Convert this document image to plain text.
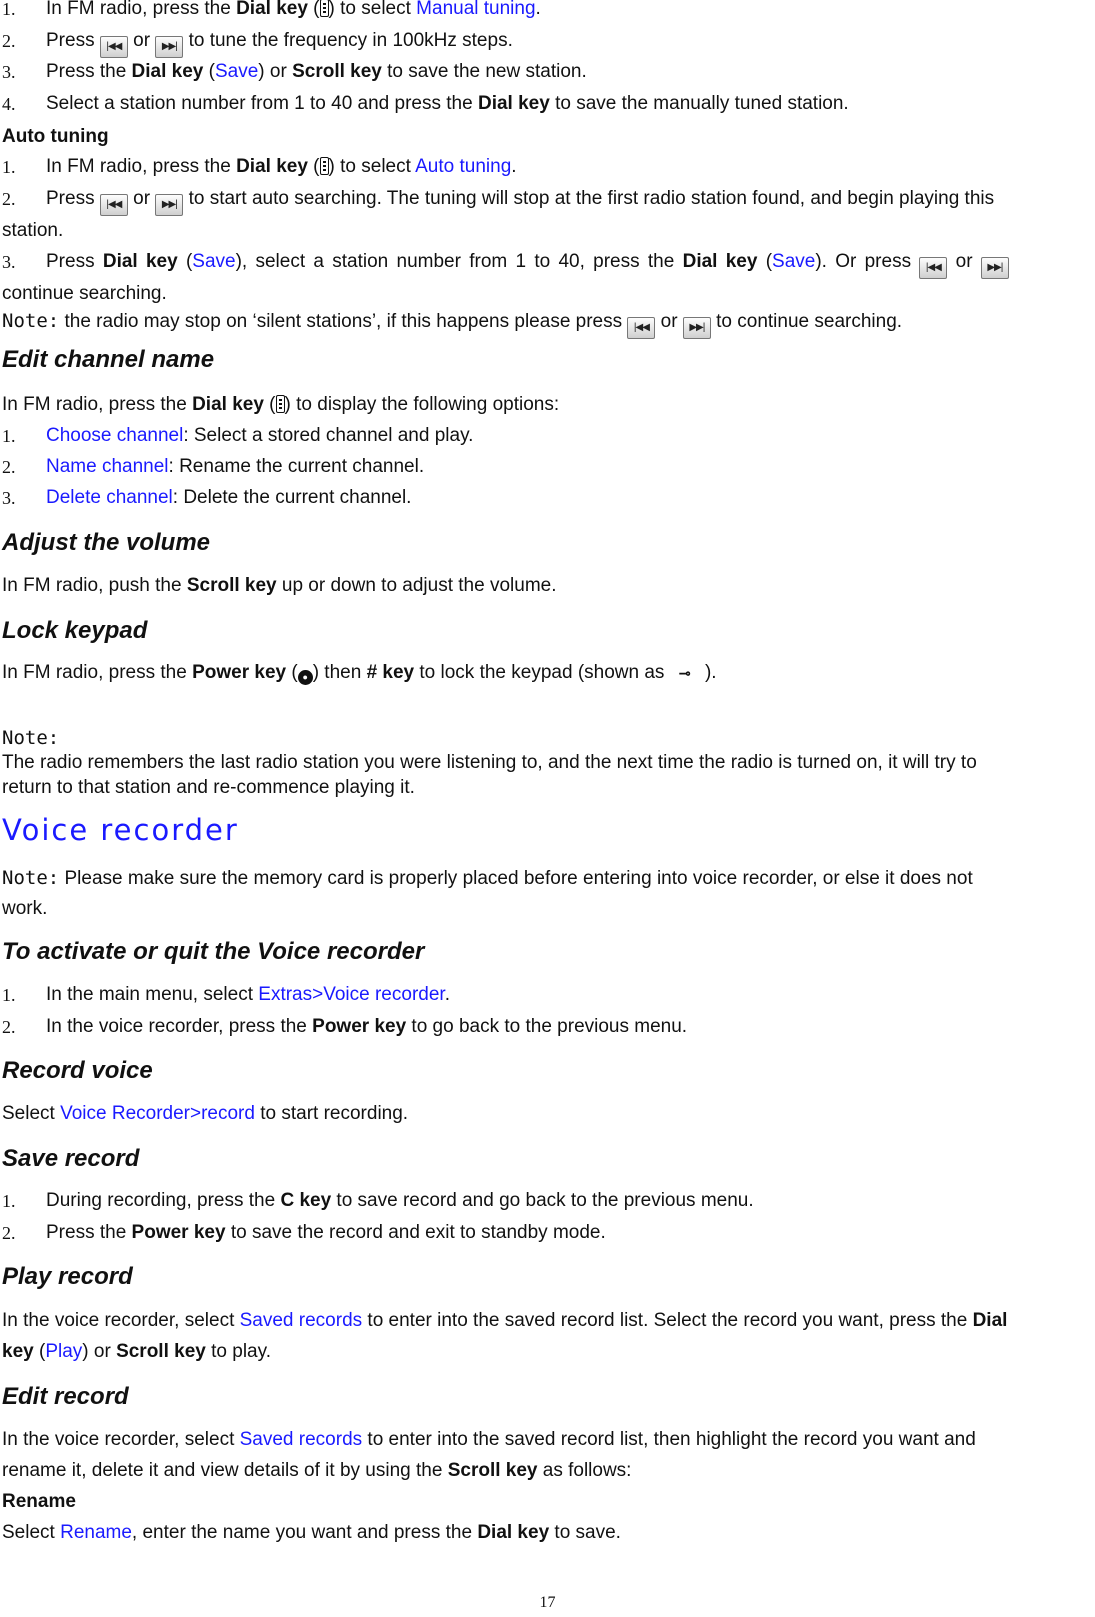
1. In FM radio, press the Dial key ( ) to select Manual tuning.
2. Press |◀◀ or ▶▶| to tune the frequency in 100kHz steps.
3. Press the Dial key (Save) or Scroll key to save the new station.
4. Select a station number from 1 to 40 and press the Dial key to save the manually tuned station.
Auto tuning
1. In FM radio, press the Dial key ( ) to select Auto tuning.
2. Press |◀◀ or ▶▶| to start auto searching. The tuning will stop at the first radio station found, and begin playing this
station.
3. Press Dial key (Save), select a station number from 1 to 40, press the Dial key (Save). Or press |◀◀ or ▶▶|
continue searching.
Note: the radio may stop on ‘silent stations’, if this happens please press |◀◀ or ▶▶| to continue searching.
Edit channel name
In FM radio, press the Dial key ( ) to display the following options:
1. Choose channel: Select a stored channel and play.
2. Name channel: Rename the current channel.
3. Delete channel: Delete the current channel.
Adjust the volume
In FM radio, push the Scroll key up or down to adjust the volume.
Lock keypad
In FM radio, press the Power key ( ● ) then # key to lock the keypad (shown as ⊸ ).
Note:
The radio remembers the last radio station you were listening to, and the next time the radio is turned on, it will try to
return to that station and re-commence playing it.
Voice recorder
Note: Please make sure the memory card is properly placed before entering into voice recorder, or else it does not
work.
To activate or quit the Voice recorder
1. In the main menu, select Extras>Voice recorder.
2. In the voice recorder, press the Power key to go back to the previous menu.
Record voice
Select Voice Recorder>record to start recording.
Save record
1. During recording, press the C key to save record and go back to the previous menu.
2. Press the Power key to save the record and exit to standby mode.
Play record
In the voice recorder, select Saved records to enter into the saved record list. Select the record you want, press the Dial
key (Play) or Scroll key to play.
Edit record
In the voice recorder, select Saved records to enter into the saved record list, then highlight the record you want and
rename it, delete it and view details of it by using the Scroll key as follows:
Rename
Select Rename, enter the name you want and press the Dial key to save.
17
